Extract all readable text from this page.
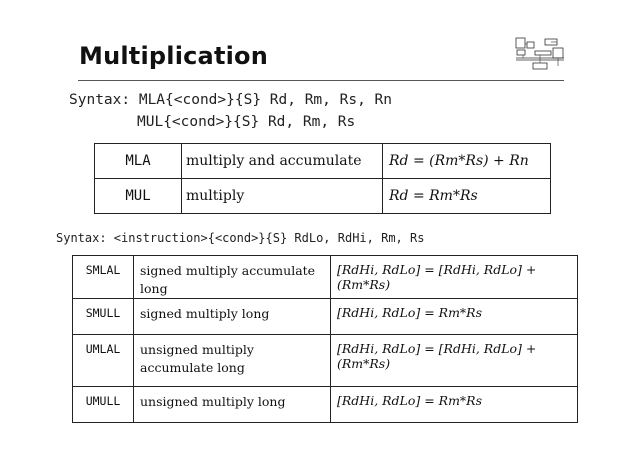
Multiplication
Syntax: MLA{<cond>}{S} Rd, Rm, Rs, Rn
MUL{<cond>}{S} Rd, Rm, Rs
MLA	multiply and accumulate	Rd = (Rm*Rs) + Rn
MUL	multiply	Rd = Rm*Rs
Syntax: <instruction>{<cond>}{S} RdLo, RdHi, Rm, Rs
SMLAL	signed multiply accumulate long	[RdHi, RdLo] = [RdHi, RdLo] + (Rm*Rs)
SMULL	signed multiply long	[RdHi, RdLo] = Rm*Rs
UMLAL	unsigned multiply accumulate long	[RdHi, RdLo] = [RdHi, RdLo] + (Rm*Rs)
UMULL	unsigned multiply long	[RdHi, RdLo] = Rm*Rs
